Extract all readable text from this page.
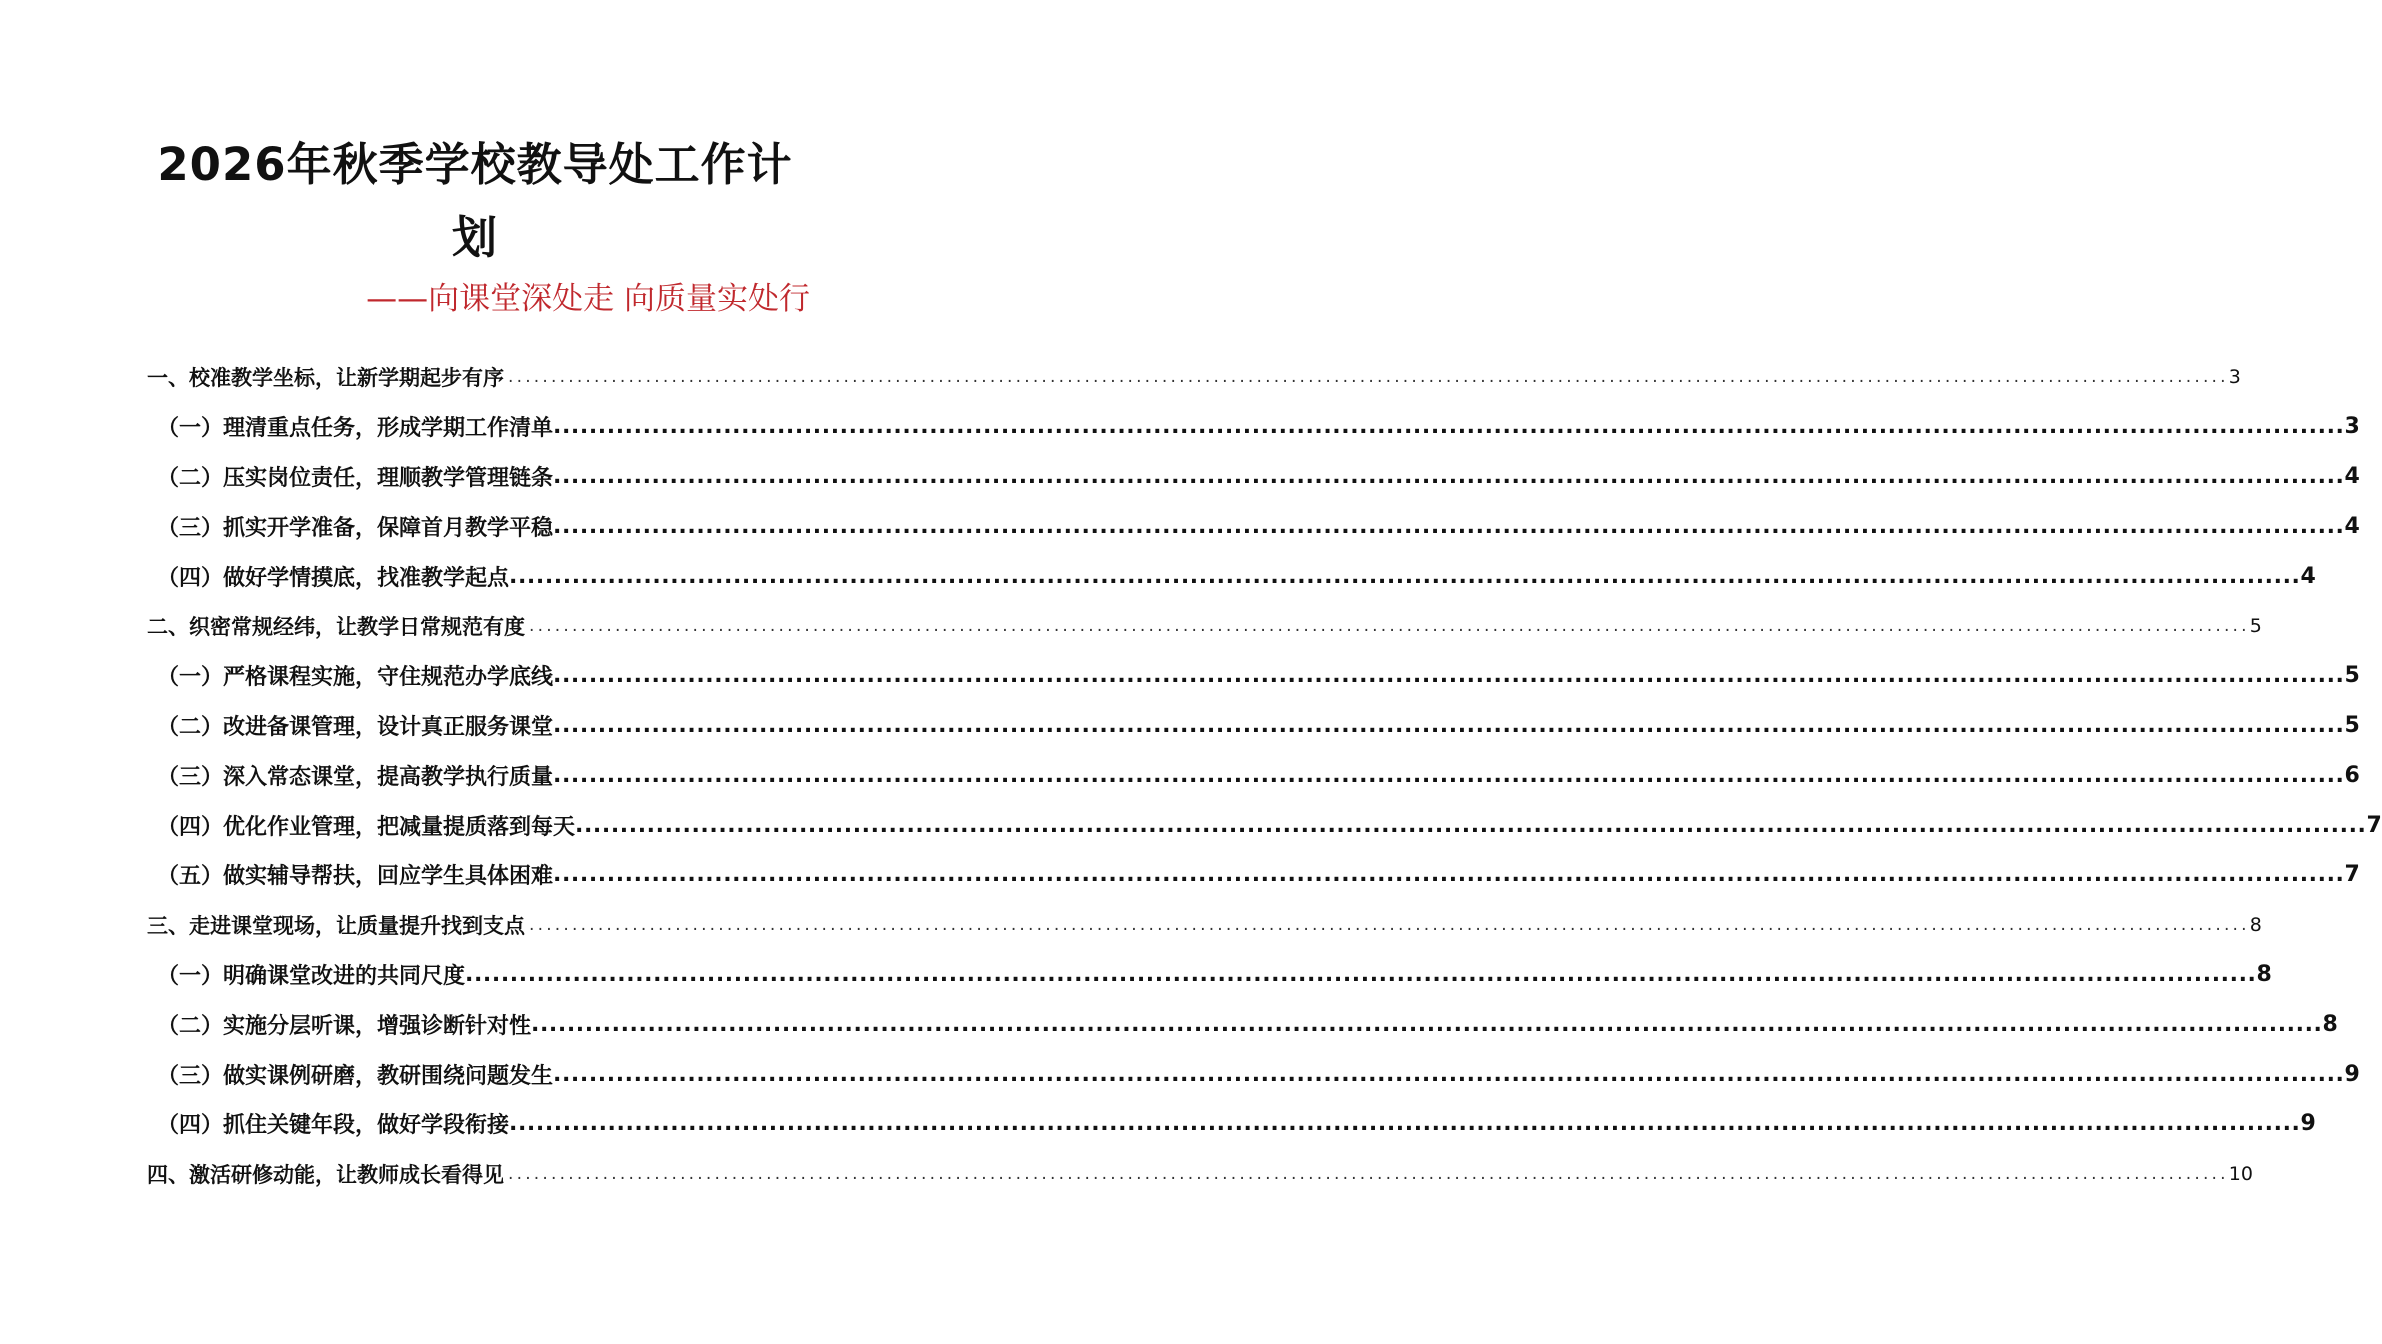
2026年秋季学校教导处工作计
划
——向课堂深处走 向质量实处行
一、校准教学坐标，让新学期起步有序 ........................................................................................................................................................................................................ 3
（一）理清重点任务，形成学期工作清单 ........................................................................................................................................................................................................ 3
（二）压实岗位责任，理顺教学管理链条 ........................................................................................................................................................................................................ 4
（三）抓实开学准备，保障首月教学平稳 ........................................................................................................................................................................................................ 4
（四）做好学情摸底，找准教学起点 ........................................................................................................................................................................................................ 4
二、织密常规经纬，让教学日常规范有度 ........................................................................................................................................................................................................ 5
（一）严格课程实施，守住规范办学底线 ........................................................................................................................................................................................................ 5
（二）改进备课管理，设计真正服务课堂 ........................................................................................................................................................................................................ 5
（三）深入常态课堂，提高教学执行质量 ........................................................................................................................................................................................................ 6
（四）优化作业管理，把减量提质落到每天 ........................................................................................................................................................................................................ 7
（五）做实辅导帮扶，回应学生具体困难 ........................................................................................................................................................................................................ 7
三、走进课堂现场，让质量提升找到支点 ........................................................................................................................................................................................................ 8
（一）明确课堂改进的共同尺度 ........................................................................................................................................................................................................ 8
（二）实施分层听课，增强诊断针对性 ........................................................................................................................................................................................................ 8
（三）做实课例研磨，教研围绕问题发生 ........................................................................................................................................................................................................ 9
（四）抓住关键年段，做好学段衔接 ........................................................................................................................................................................................................ 9
四、激活研修动能，让教师成长看得见 ........................................................................................................................................................................................................ 10
